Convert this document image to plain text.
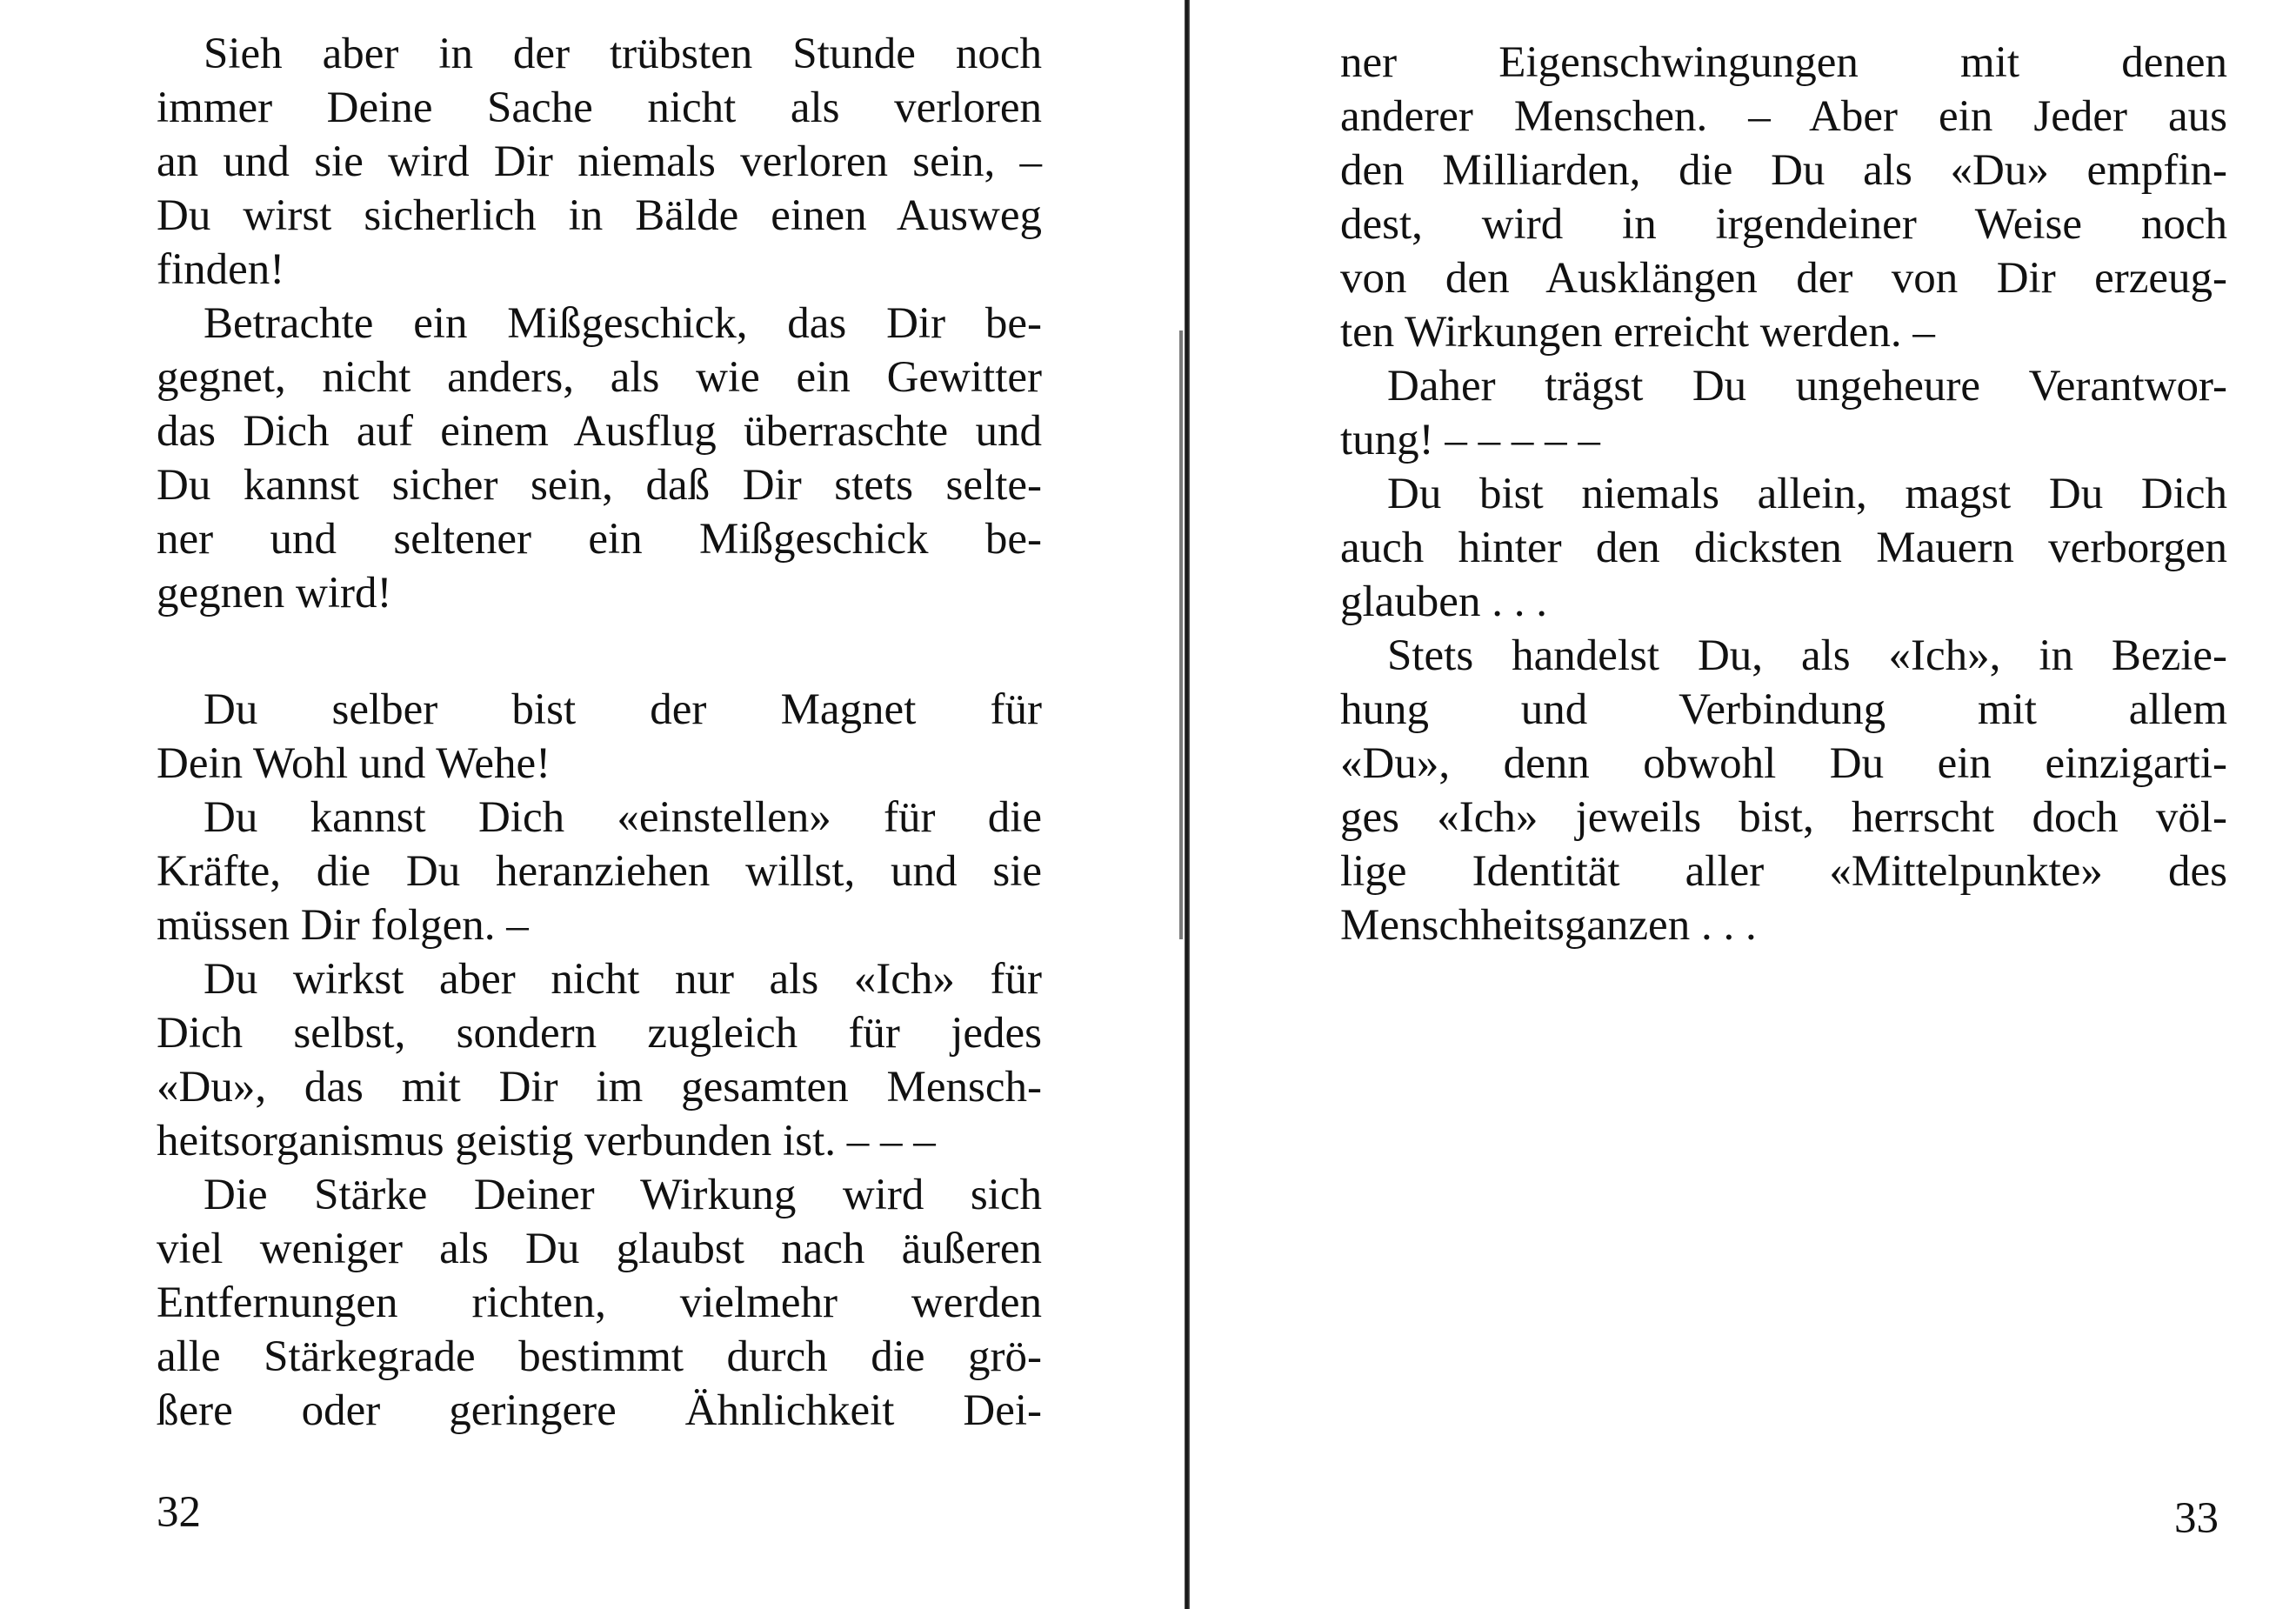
Sieh aber in der trübsten Stunde noch
immer Deine Sache nicht als verloren
an und sie wird Dir niemals verloren sein, –
Du wirst sicherlich in Bälde einen Ausweg
finden!
Betrachte ein Mißgeschick, das Dir be-
gegnet, nicht anders, als wie ein Gewitter
das Dich auf einem Ausflug überraschte und
Du kannst sicher sein, daß Dir stets selte-
ner und seltener ein Mißgeschick be-
gegnen wird!
Du selber bist der Magnet für
Dein Wohl und Wehe!
Du kannst Dich «einstellen» für die
Kräfte, die Du heranziehen willst, und sie
müssen Dir folgen. –
Du wirkst aber nicht nur als «Ich» für
Dich selbst, sondern zugleich für jedes
«Du», das mit Dir im gesamten Mensch-
heitsorganismus geistig verbunden ist. – – –
Die Stärke Deiner Wirkung wird sich
viel weniger als Du glaubst nach äußeren
Entfernungen richten, vielmehr werden
alle Stärkegrade bestimmt durch die grö-
ßere oder geringere Ähnlichkeit Dei-
32
ner Eigenschwingungen mit denen
anderer Menschen. – Aber ein Jeder aus
den Milliarden, die Du als «Du» empfin-
dest, wird in irgendeiner Weise noch
von den Ausklängen der von Dir erzeug-
ten Wirkungen erreicht werden. –
Daher trägst Du ungeheure Verantwor-
tung! – – – – –
Du bist niemals allein, magst Du Dich
auch hinter den dicksten Mauern verborgen
glauben . . .
Stets handelst Du, als «Ich», in Bezie-
hung und Verbindung mit allem
«Du», denn obwohl Du ein einzigarti-
ges «Ich» jeweils bist, herrscht doch völ-
lige Identität aller «Mittelpunkte» des
Menschheitsganzen . . .
33
